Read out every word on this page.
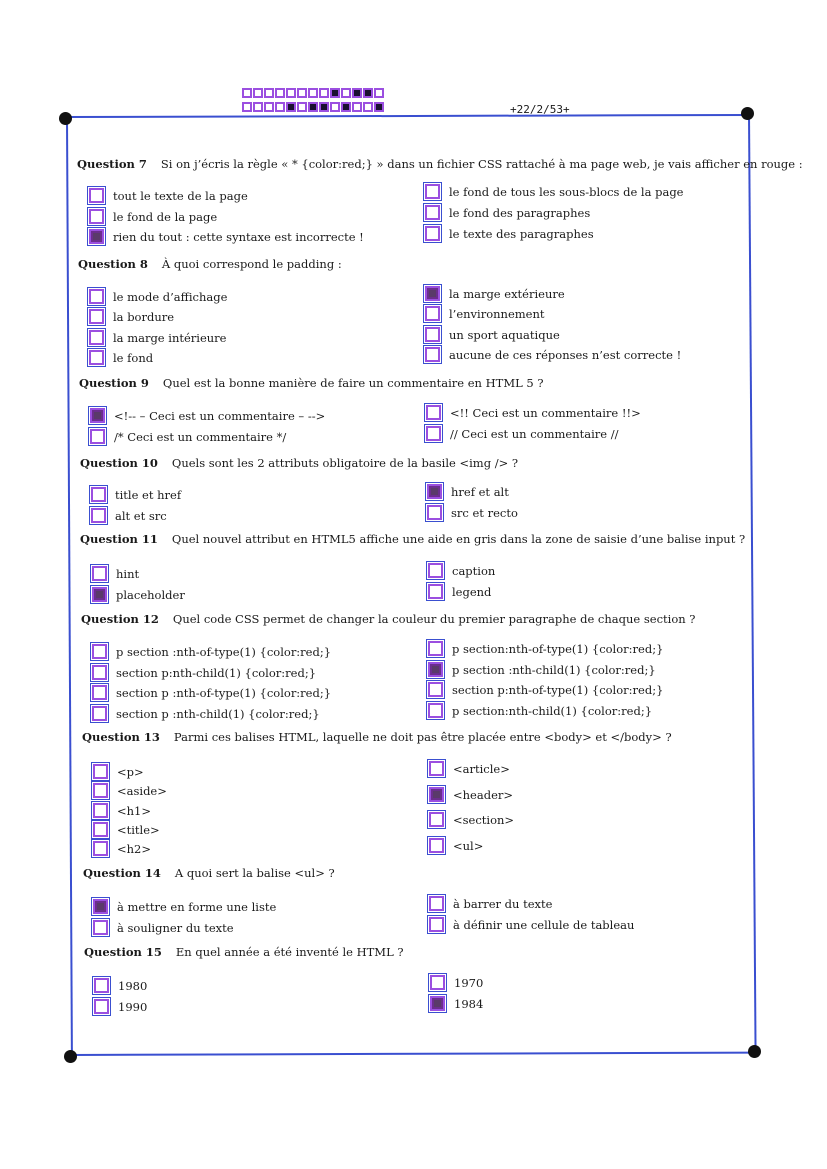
+22/2/53+
Question 7 Si on j’écris la règle « * {color:red;} » dans un fichier CSS rattaché à ma page web, je vais afficher en rouge :
tout le texte de la page
le fond de la page
rien du tout : cette syntaxe est incorrecte !
le fond de tous les sous-blocs de la page
le fond des paragraphes
le texte des paragraphes
Question 8 À quoi correspond le padding :
le mode d’affichage
la bordure
la marge intérieure
le fond
la marge extérieure
l’environnement
un sport aquatique
aucune de ces réponses n’est correcte !
Question 9 Quel est la bonne manière de faire un commentaire en HTML 5 ?
<!-- – Ceci est un commentaire – -->
/* Ceci est un commentaire */
<!! Ceci est un commentaire !!>
// Ceci est un commentaire //
Question 10 Quels sont les 2 attributs obligatoire de la basile <img /> ?
title et href
alt et src
href et alt
src et recto
Question 11 Quel nouvel attribut en HTML5 affiche une aide en gris dans la zone de saisie d’une balise input ?
hint
placeholder
caption
legend
Question 12 Quel code CSS permet de changer la couleur du premier paragraphe de chaque section ?
p section :nth-of-type(1) {color:red;}
section p:nth-child(1) {color:red;}
section p :nth-of-type(1) {color:red;}
section p :nth-child(1) {color:red;}
p section:nth-of-type(1) {color:red;}
p section :nth-child(1) {color:red;}
section p:nth-of-type(1) {color:red;}
p section:nth-child(1) {color:red;}
Question 13 Parmi ces balises HTML, laquelle ne doit pas être placée entre <body> et </body> ?
<p>
<aside>
<h1>
<title>
<h2>
<article>
<header>
<section>
<ul>
Question 14 A quoi sert la balise <ul> ?
à mettre en forme une liste
à souligner du texte
à barrer du texte
à définir une cellule de tableau
Question 15 En quel année a été inventé le HTML ?
1980
1990
1970
1984
